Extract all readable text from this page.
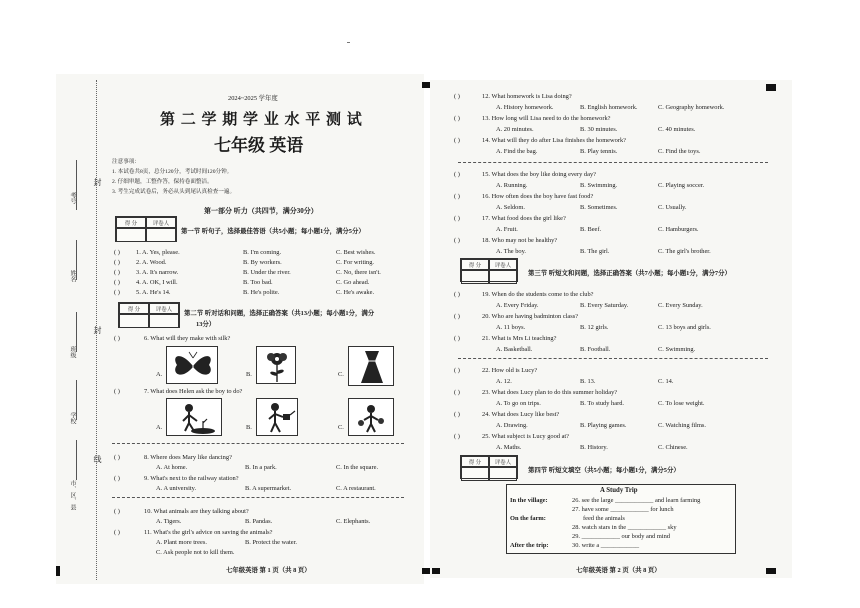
考号
姓名
封
班级
学校
线
市、区、县
封
2024~2025 学年度
第 二 学 期 学 业 水 平 测 试
七年级 英语
注意事项：
1. 本试卷共8页，总分120分，考试时间120分钟。
2. 仔细审题，工整作答，保持卷面整洁。
3. 考生完成试卷后，务必从头到尾认真检查一遍。
第一部分 听力（共四节，满分30分）
得 分	评卷人
第一节 听句子，选择最佳答语（共5小题；每小题1分，满分5分）
( )	1. A. Yes, please.	B. I'm coming.	C. Best wishes.
( )	2. A. Wood.	B. By workers.	C. For writing.
( )	3. A. It's narrow.	B. Under the river.	C. No, there isn't.
( )	4. A. OK, I will.	B. Too bad.	C. Go ahead.
( )	5. A. He's 14.	B. He's polite.	C. He's awake.
得 分	评卷人
第二节 听对话和问题，选择正确答案（共13小题；每小题1分，满分
13分）
( )	6. What will they make with silk?
A.	B.	C.
( )	7. What does Helen ask the boy to do?
A.	B.	C.
( )	8. Where does Mary like dancing?
A. At home.	B. In a park.	C. In the square.
( )	9. What's next to the railway station?
A. A university.	B. A supermarket.	C. A restaurant.
( )	10. What animals are they talking about?
A. Tigers.	B. Pandas.	C. Elephants.
( )	11. What's the girl's advice on saving the animals?
A. Plant more trees.	B. Protect the water.
C. Ask people not to kill them.
七年级英语 第 1 页（共 8 页）
( )	12. What homework is Lisa doing?
A. History homework.	B. English homework.	C. Geography homework.
( )	13. How long will Lisa need to do the homework?
A. 20 minutes.	B. 30 minutes.	C. 40 minutes.
( )	14. What will they do after Lisa finishes the homework?
A. Find the bag.	B. Play tennis.	C. Find the toys.
( )	15. What does the boy like doing every day?
A. Running.	B. Swimming.	C. Playing soccer.
( )	16. How often does the boy have fast food?
A. Seldom.	B. Sometimes.	C. Usually.
( )	17. What food does the girl like?
A. Fruit.	B. Beef.	C. Hamburgers.
( )	18. Who may not be healthy?
A. The boy.	B. The girl.	C. The girl's brother.
得 分	评卷人
第三节 听短文和问题，选择正确答案（共7小题；每小题1分，满分7分）
( )	19. When do the students come to the club?
A. Every Friday.	B. Every Saturday.	C. Every Sunday.
( )	20. Who are having badminton class?
A. 11 boys.	B. 12 girls.	C. 13 boys and girls.
( )	21. What is Mrs Li teaching?
A. Basketball.	B. Football.	C. Swimming.
( )	22. How old is Lucy?
A. 12.	B. 13.	C. 14.
( )	23. What does Lucy plan to do this summer holiday?
A. To go on trips.	B. To study hard.	C. To lose weight.
( )	24. What does Lucy like best?
A. Drawing.	B. Playing games.	C. Watching films.
( )	25. What subject is Lucy good at?
A. Maths.	B. History.	C. Chinese.
得 分	评卷人
第四节 听短文填空（共5小题；每小题1分，满分5分）
A Study Trip
In the village:	26. see the large ____________ and learn farming
27. have some ____________ for lunch
On the farm:	feed the animals
28. watch stars in the ____________ sky
29. ____________ our body and mind
After the trip:	30. write a ____________
七年级英语 第 2 页（共 8 页）
